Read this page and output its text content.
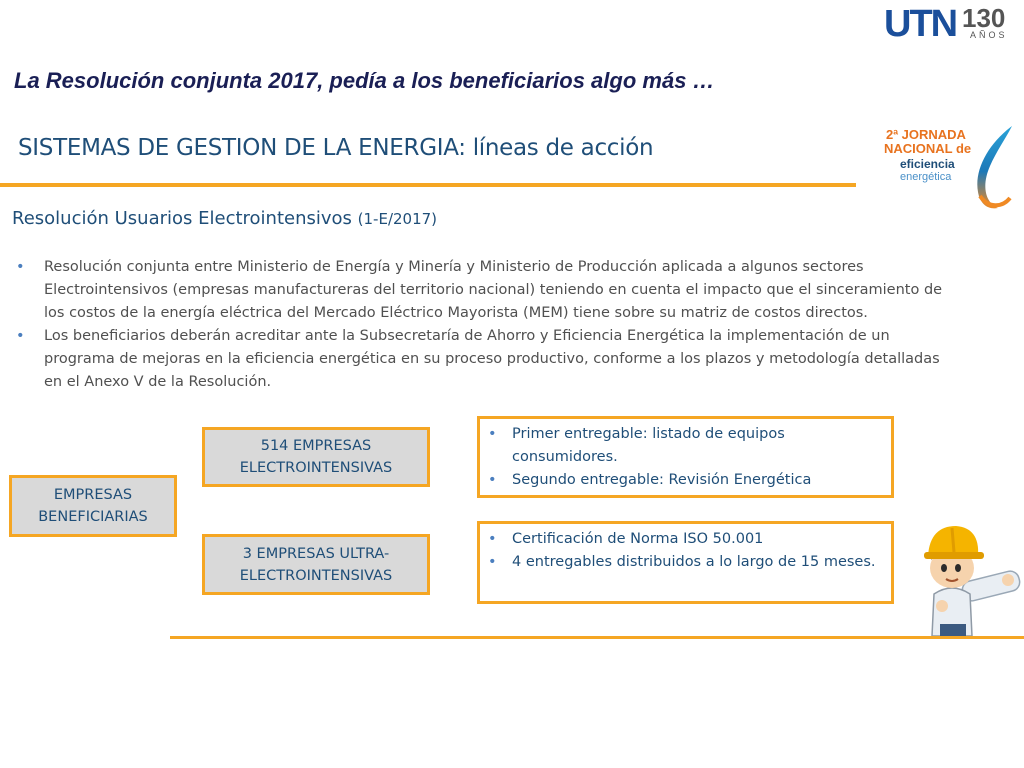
UTN 130
AÑOS
La Resolución conjunta 2017, pedía a los beneficiarios algo más …
SISTEMAS DE GESTION DE LA ENERGIA: líneas de acción
2ª JORNADA
NACIONAL de
eficiencia
energética
Resolución Usuarios Electrointensivos (1-E/2017)
• Resolución conjunta entre Ministerio de Energía y Minería y Ministerio de Producción aplicada a algunos sectores Electrointensivos (empresas manufactureras del territorio nacional) teniendo en cuenta el impacto que el sinceramiento de los costos de la energía eléctrica del Mercado Eléctrico Mayorista (MEM) tiene sobre su matriz de costos directos.
• Los beneficiarios deberán acreditar ante la Subsecretaría de Ahorro y Eficiencia Energética la implementación de un programa de mejoras en la eficiencia energética en su proceso productivo, conforme a los plazos y metodología detalladas en el Anexo V de la Resolución.
EMPRESAS
BENEFICIARIAS
514 EMPRESAS
ELECTROINTENSIVAS
3 EMPRESAS ULTRA-
ELECTROINTENSIVAS
• Primer entregable: listado de equipos consumidores.
• Segundo entregable: Revisión Energética
• Certificación de Norma ISO 50.001
• 4 entregables distribuidos a lo largo de 15 meses.
